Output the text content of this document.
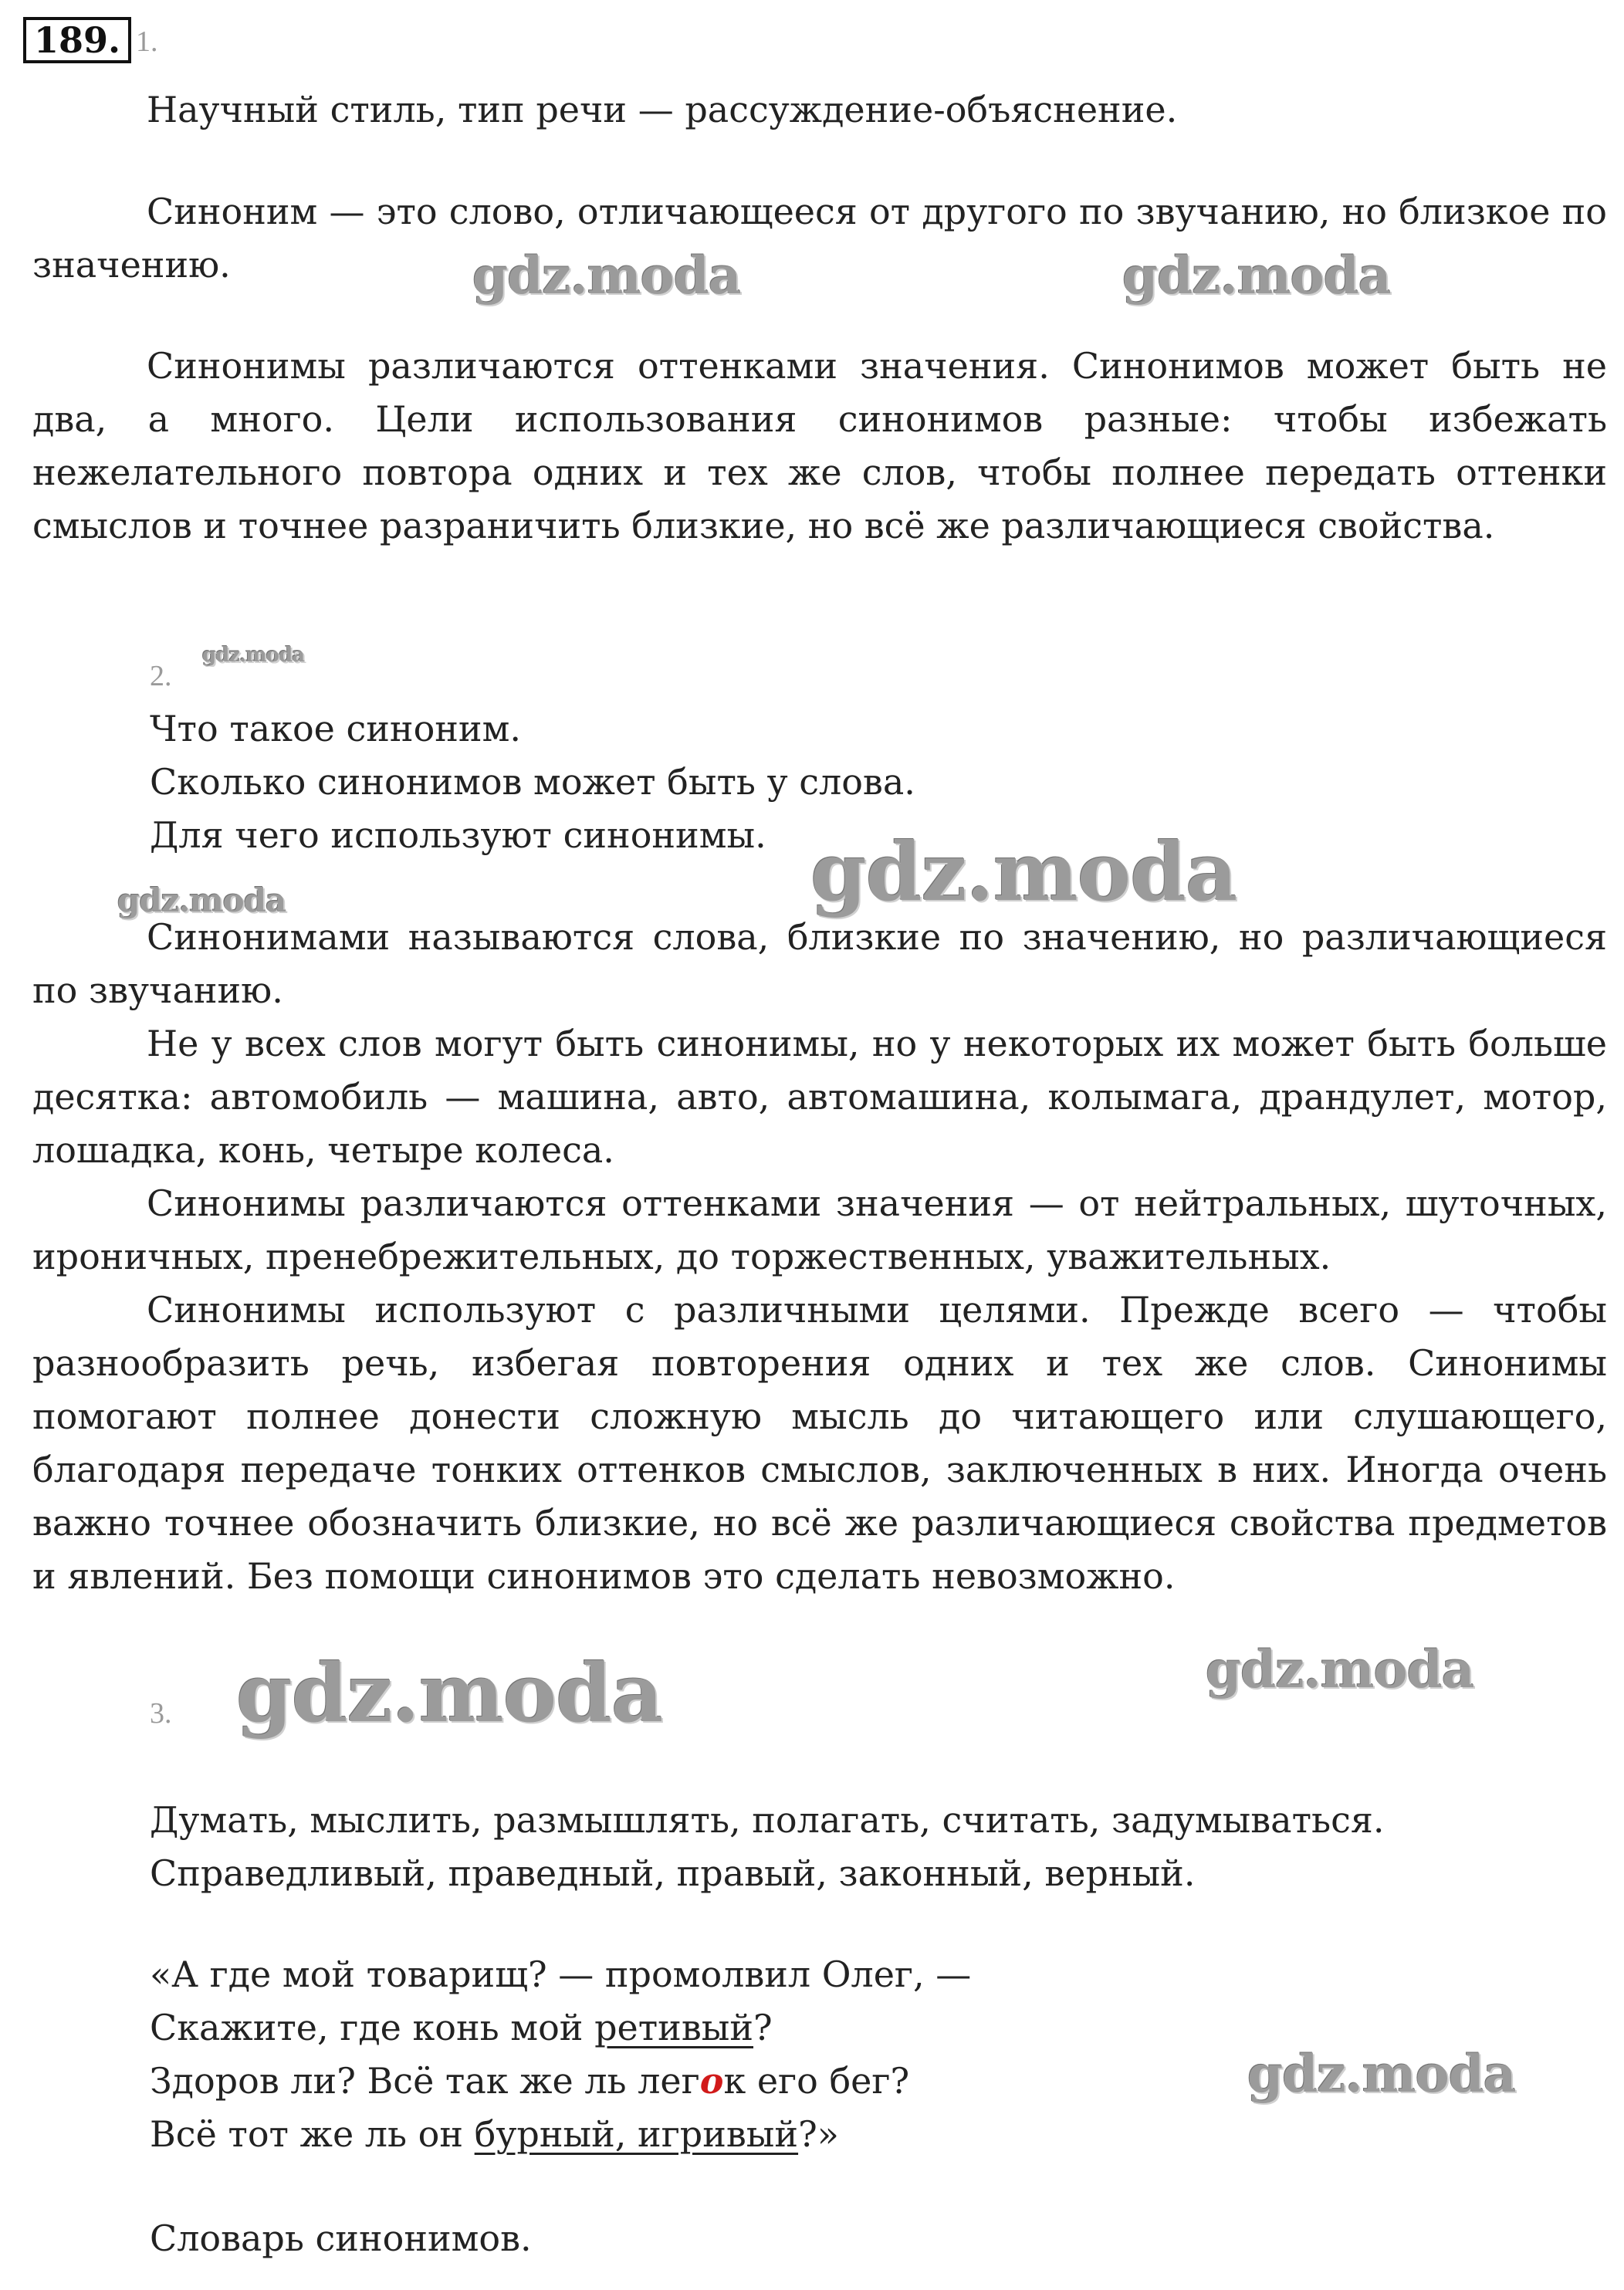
189. 1.

Научный стиль, тип речи — рассуждение-объяснение.

Синоним — это слово, отличающееся от другого по звучанию, но близкое по значению.

Синонимы различаются оттенками значения. Синонимов может быть не два, а много. Цели использования синонимов разные: чтобы избежать нежелательного повтора одних и тех же слов, чтобы полнее передать оттенки смыслов и точнее разраничить близкие, но всё же различающиеся свойства.

2.
Что такое синоним.
Сколько синонимов может быть у слова.
Для чего используют синонимы.

Синонимами называются слова, близкие по значению, но различающиеся по звучанию.

Не у всех слов могут быть синонимы, но у некоторых их может быть больше десятка: автомобиль — машина, авто, автомашина, колымага, драндулет, мотор, лошадка, конь, четыре колеса.

Синонимы различаются оттенками значения — от нейтральных, шуточных, ироничных, пренебрежительных, до торжественных, уважительных.

Синонимы используют с различными целями. Прежде всего — чтобы разнообразить речь, избегая повторения одних и тех же слов. Синонимы помогают полнее донести сложную мысль до читающего или слушающего, благодаря передаче тонких оттенков смыслов, заключенных в них. Иногда очень важно точнее обозначить близкие, но всё же различающиеся свойства предметов и явлений. Без помощи синонимов это сделать невозможно.

3.
Думать, мыслить, размышлять, полагать, считать, задумываться.
Справедливый, праведный, правый, законный, верный.
«А где мой товарищ? — промолвил Олег, —
Скажите, где конь мой ретивый?
Здоров ли? Всё так же ль легок его бег?
Всё тот же ль он бурный, игривый?»
Словарь синонимов.
gdz.moda	gdz.moda
gdz.moda
gdz.moda
gdz.moda
gdz.moda	gdz.moda
gdz.moda
